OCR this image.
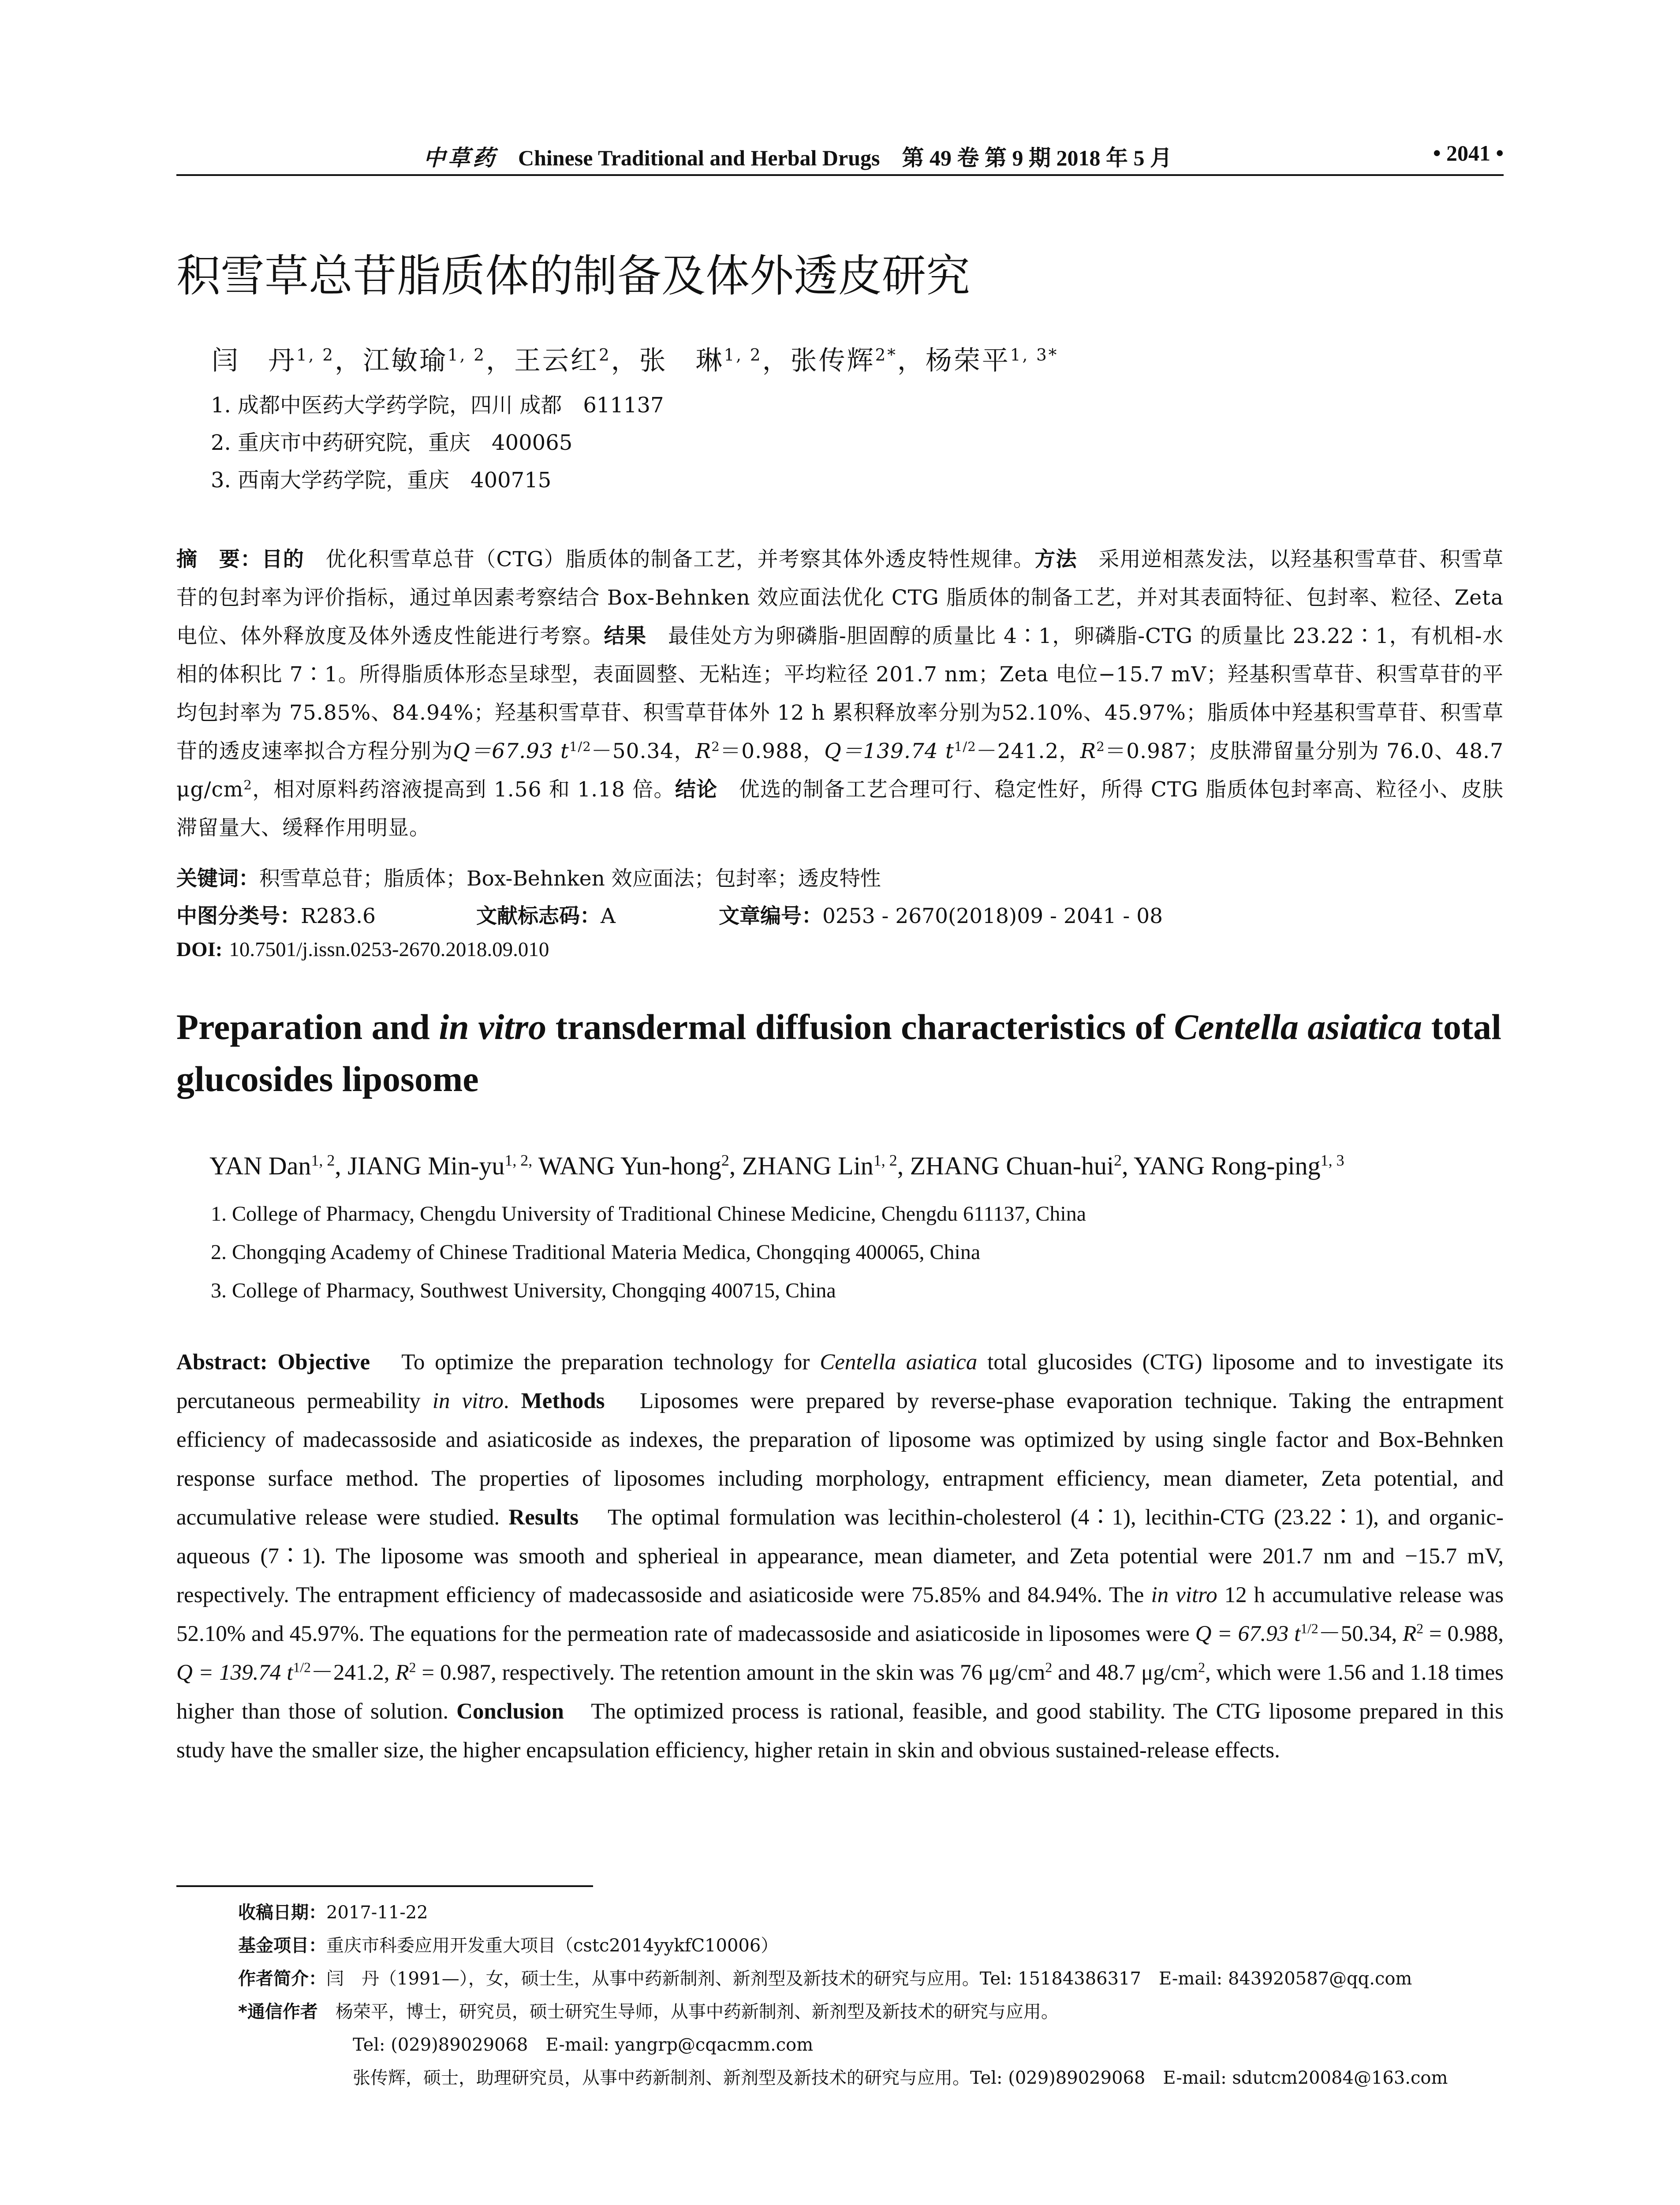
中草药 Chinese Traditional and Herbal Drugs　第 49 卷 第 9 期 2018 年 5 月	• 2041 •
积雪草总苷脂质体的制备及体外透皮研究
闫　丹$^{1, 2}$，江敏瑜$^{1, 2}$，王云红$^2$，张　琳$^{1, 2}$，张传辉$^{2*}$，杨荣平$^{1, 3*}$
1. 成都中医药大学药学院，四川 成都　611137
2. 重庆市中药研究院，重庆　400065
3. 西南大学药学院，重庆　400715
摘　要：目的　 优化积雪草总苷（CTG）脂质体的制备工艺，并考察其体外透皮特性规律。方法　 采用逆相蒸发法，以羟基积雪草苷、积雪草苷的包封率为评价指标，通过单因素考察结合 Box-Behnken 效应面法优化 CTG 脂质体的制备工艺，并对其表面特征、包封率、粒径、Zeta 电位、体外释放度及体外透皮性能进行考察。结果　 最佳处方为卵磷脂-胆固醇的质量比 4∶1，卵磷脂-CTG 的质量比 23.22∶1，有机相-水相的体积比 7∶1。所得脂质体形态呈球型，表面圆整、无粘连；平均粒径 201.7 nm；Zeta 电位−15.7 mV；羟基积雪草苷、积雪草苷的平均包封率为 75.85%、84.94%；羟基积雪草苷、积雪草苷体外 12 h 累积释放率分别为52.10%、45.97%；脂质体中羟基积雪草苷、积雪草苷的透皮速率拟合方程分别为Q＝67.93 $t^{1/2}-50.34$，$R^2=0.988$，Q＝139.74 $t^{1/2}-241.2$，$R^2=0.987$；皮肤滞留量分别为 76.0、48.7 $\mu g/cm^2$，相对原料药溶液提高到 1.56 和 1.18 倍。结论　 优选的制备工艺合理可行、稳定性好，所得 CTG 脂质体包封率高、粒径小、皮肤滞留量大、缓释作用明显。
关键词：积雪草总苷；脂质体；Box-Behnken 效应面法；包封率；透皮特性
中图分类号：R283.6	文献标志码：A	文章编号：0253 - 2670(2018)09 - 2041 - 08
DOI: 10.7501/j.issn.0253-2670.2018.09.010
Preparation and in vitro transdermal diffusion characteristics of Centella asiatica total glucosides liposome
YAN Dan$^{1, 2}$, JIANG Min-$yu^{1, 2,}$ WANG Yun-hong$^2$, ZHANG Lin$^{1, 2}$, ZHANG Chuan-hui$^2$, YANG Rong-ping$^{1, 3}$
1. College of Pharmacy, Chengdu University of Traditional Chinese Medicine, Chengdu 611137, China
2. Chongqing Academy of Chinese Traditional Materia Medica, Chongqing 400065, China
3. College of Pharmacy, Southwest University, Chongqing 400715, China
Abstract: Objective　 To optimize the preparation technology for Centella asiatica total glucosides (CTG) liposome and to investigate its percutaneous permeability in vitro. Methods　 Liposomes were prepared by reverse-phase evaporation technique. Taking the entrapment efficiency of madecassoside and asiaticoside as indexes, the preparation of liposome was optimized by using single factor and Box-Behnken response surface method. The properties of liposomes including morphology, entrapment efficiency, mean diameter, Zeta potential, and accumulative release were studied. Results　 The optimal formulation was lecithin-cholesterol (4∶1), lecithin-CTG (23.22∶1), and organic- aqueous (7∶1). The liposome was smooth and spherieal in appearance, mean diameter, and Zeta potential were 201.7 nm and −15.7 mV, respectively. The entrapment efficiency of madecassoside and asiaticoside were 75.85% and 84.94%. The in vitro 12 h accumulative release was 52.10% and 45.97%. The equations for the permeation rate of madecassoside and asiaticoside in liposomes were Q = 67.93 $t^{1/2}-50.34$, $R^2 = 0.988$, Q = 139.74 $t^{1/2}-241.2$, $R^2 = 0.987$, respectively. The retention amount in the skin was 76 $\mu g/cm^2$ and 48.7 $\mu g/cm^2$, which were 1.56 and 1.18 times higher than those of solution. Conclusion　 The optimized process is rational, feasible, and good stability. The CTG liposome prepared in this study have the smaller size, the higher encapsulation efficiency, higher retain in skin and obvious sustained-release effects.
收稿日期：2017-11-22
基金项目：重庆市科委应用开发重大项目（cstc2014yykfC10006）
作者简介：闫　丹（1991—），女，硕士生，从事中药新制剂、新剂型及新技术的研究与应用。Tel: 15184386317　E-mail: 843920587@qq.com
*通信作者　 杨荣平，博士，研究员，硕士研究生导师，从事中药新制剂、新剂型及新技术的研究与应用。
Tel: (029)89029068　E-mail: yangrp@cqacmm.com
张传辉，硕士，助理研究员，从事中药新制剂、新剂型及新技术的研究与应用。Tel: (029)89029068　E-mail: sdutcm20084@163.com
